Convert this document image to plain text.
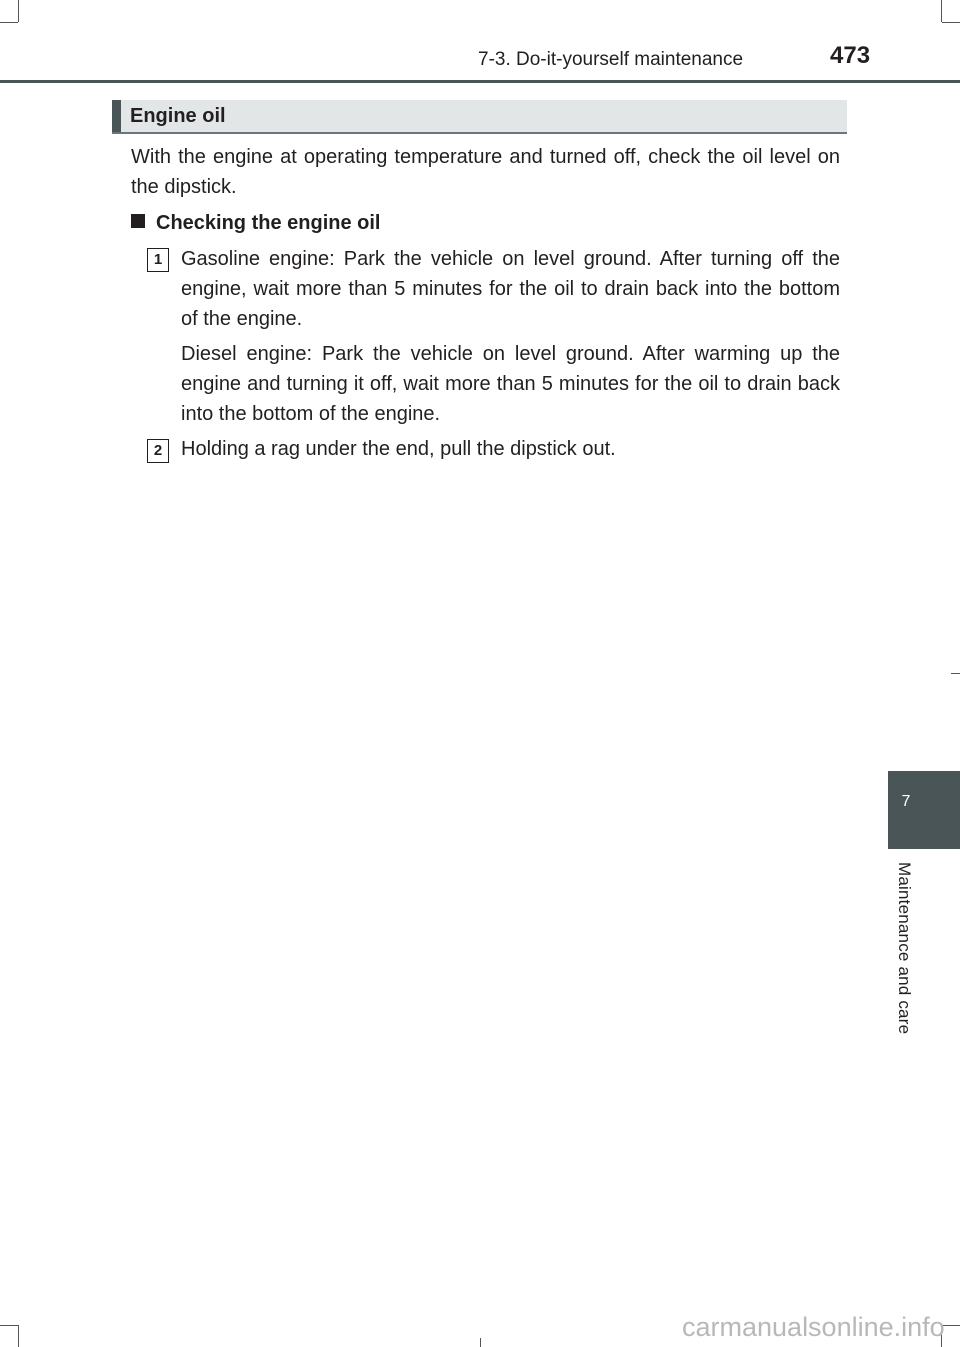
7-3. Do-it-yourself maintenance	473
Engine oil
With the engine at operating temperature and turned off, check the oil level on the dipstick.
Checking the engine oil
1 Gasoline engine: Park the vehicle on level ground. After turning off the engine, wait more than 5 minutes for the oil to drain back into the bottom of the engine.
Diesel engine: Park the vehicle on level ground. After warming up the engine and turning it off, wait more than 5 minutes for the oil to drain back into the bottom of the engine.
2 Holding a rag under the end, pull the dipstick out.
7
Maintenance and care
carmanualsonline.info
